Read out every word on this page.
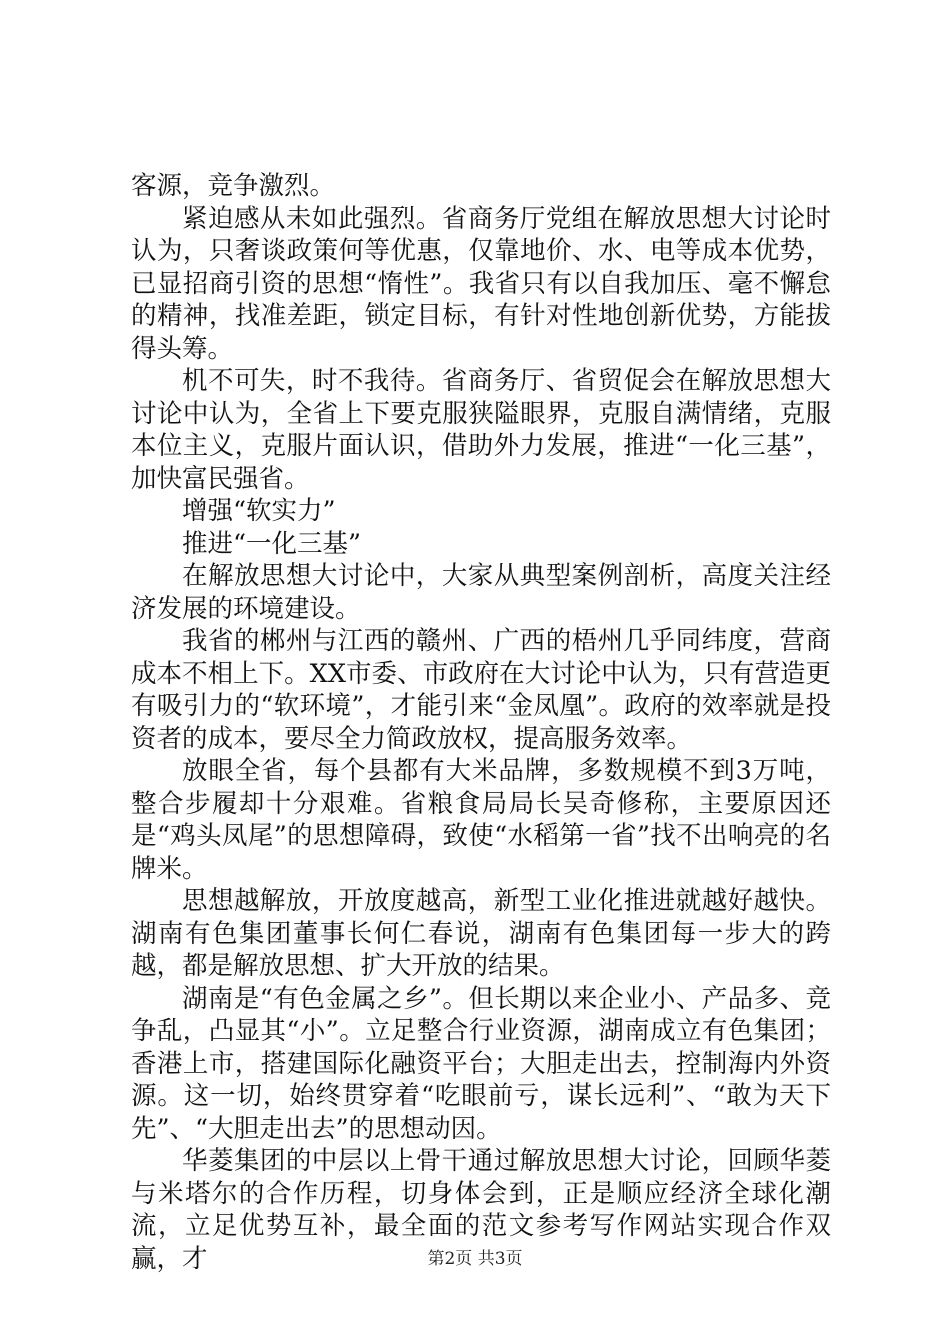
客源，竞争激烈。

紧迫感从未如此强烈。省商务厅党组在解放思想大讨论时认为，只奢谈政策何等优惠，仅靠地价、水、电等成本优势，已显招商引资的思想“惰性”。我省只有以自我加压、毫不懈怠的精神，找准差距，锁定目标，有针对性地创新优势，方能拔得头筹。

机不可失，时不我待。省商务厅、省贸促会在解放思想大讨论中认为，全省上下要克服狭隘眼界，克服自满情绪，克服本位主义，克服片面认识，借助外力发展，推进“一化三基”，加快富民强省。

增强“软实力”

推进“一化三基”

在解放思想大讨论中，大家从典型案例剖析，高度关注经济发展的环境建设。

我省的郴州与江西的赣州、广西的梧州几乎同纬度，营商成本不相上下。XX市委、市政府在大讨论中认为，只有营造更有吸引力的“软环境”，才能引来“金凤凰”。政府的效率就是投资者的成本，要尽全力简政放权，提高服务效率。

放眼全省，每个县都有大米品牌，多数规模不到3万吨，整合步履却十分艰难。省粮食局局长吴奇修称，主要原因还是“鸡头凤尾”的思想障碍，致使“水稻第一省”找不出响亮的名牌米。

思想越解放，开放度越高，新型工业化推进就越好越快。湖南有色集团董事长何仁春说，湖南有色集团每一步大的跨越，都是解放思想、扩大开放的结果。

湖南是“有色金属之乡”。但长期以来企业小、产品多、竞争乱，凸显其“小”。立足整合行业资源，湖南成立有色集团；香港上市，搭建国际化融资平台；大胆走出去，控制海内外资源。这一切，始终贯穿着“吃眼前亏，谋长远利”、“敢为天下先”、“大胆走出去”的思想动因。

华菱集团的中层以上骨干通过解放思想大讨论，回顾华菱与米塔尔的合作历程，切身体会到，正是顺应经济全球化潮流，立足优势互补，最全面的范文参考写作网站实现合作双赢，才	第2页 共3页
